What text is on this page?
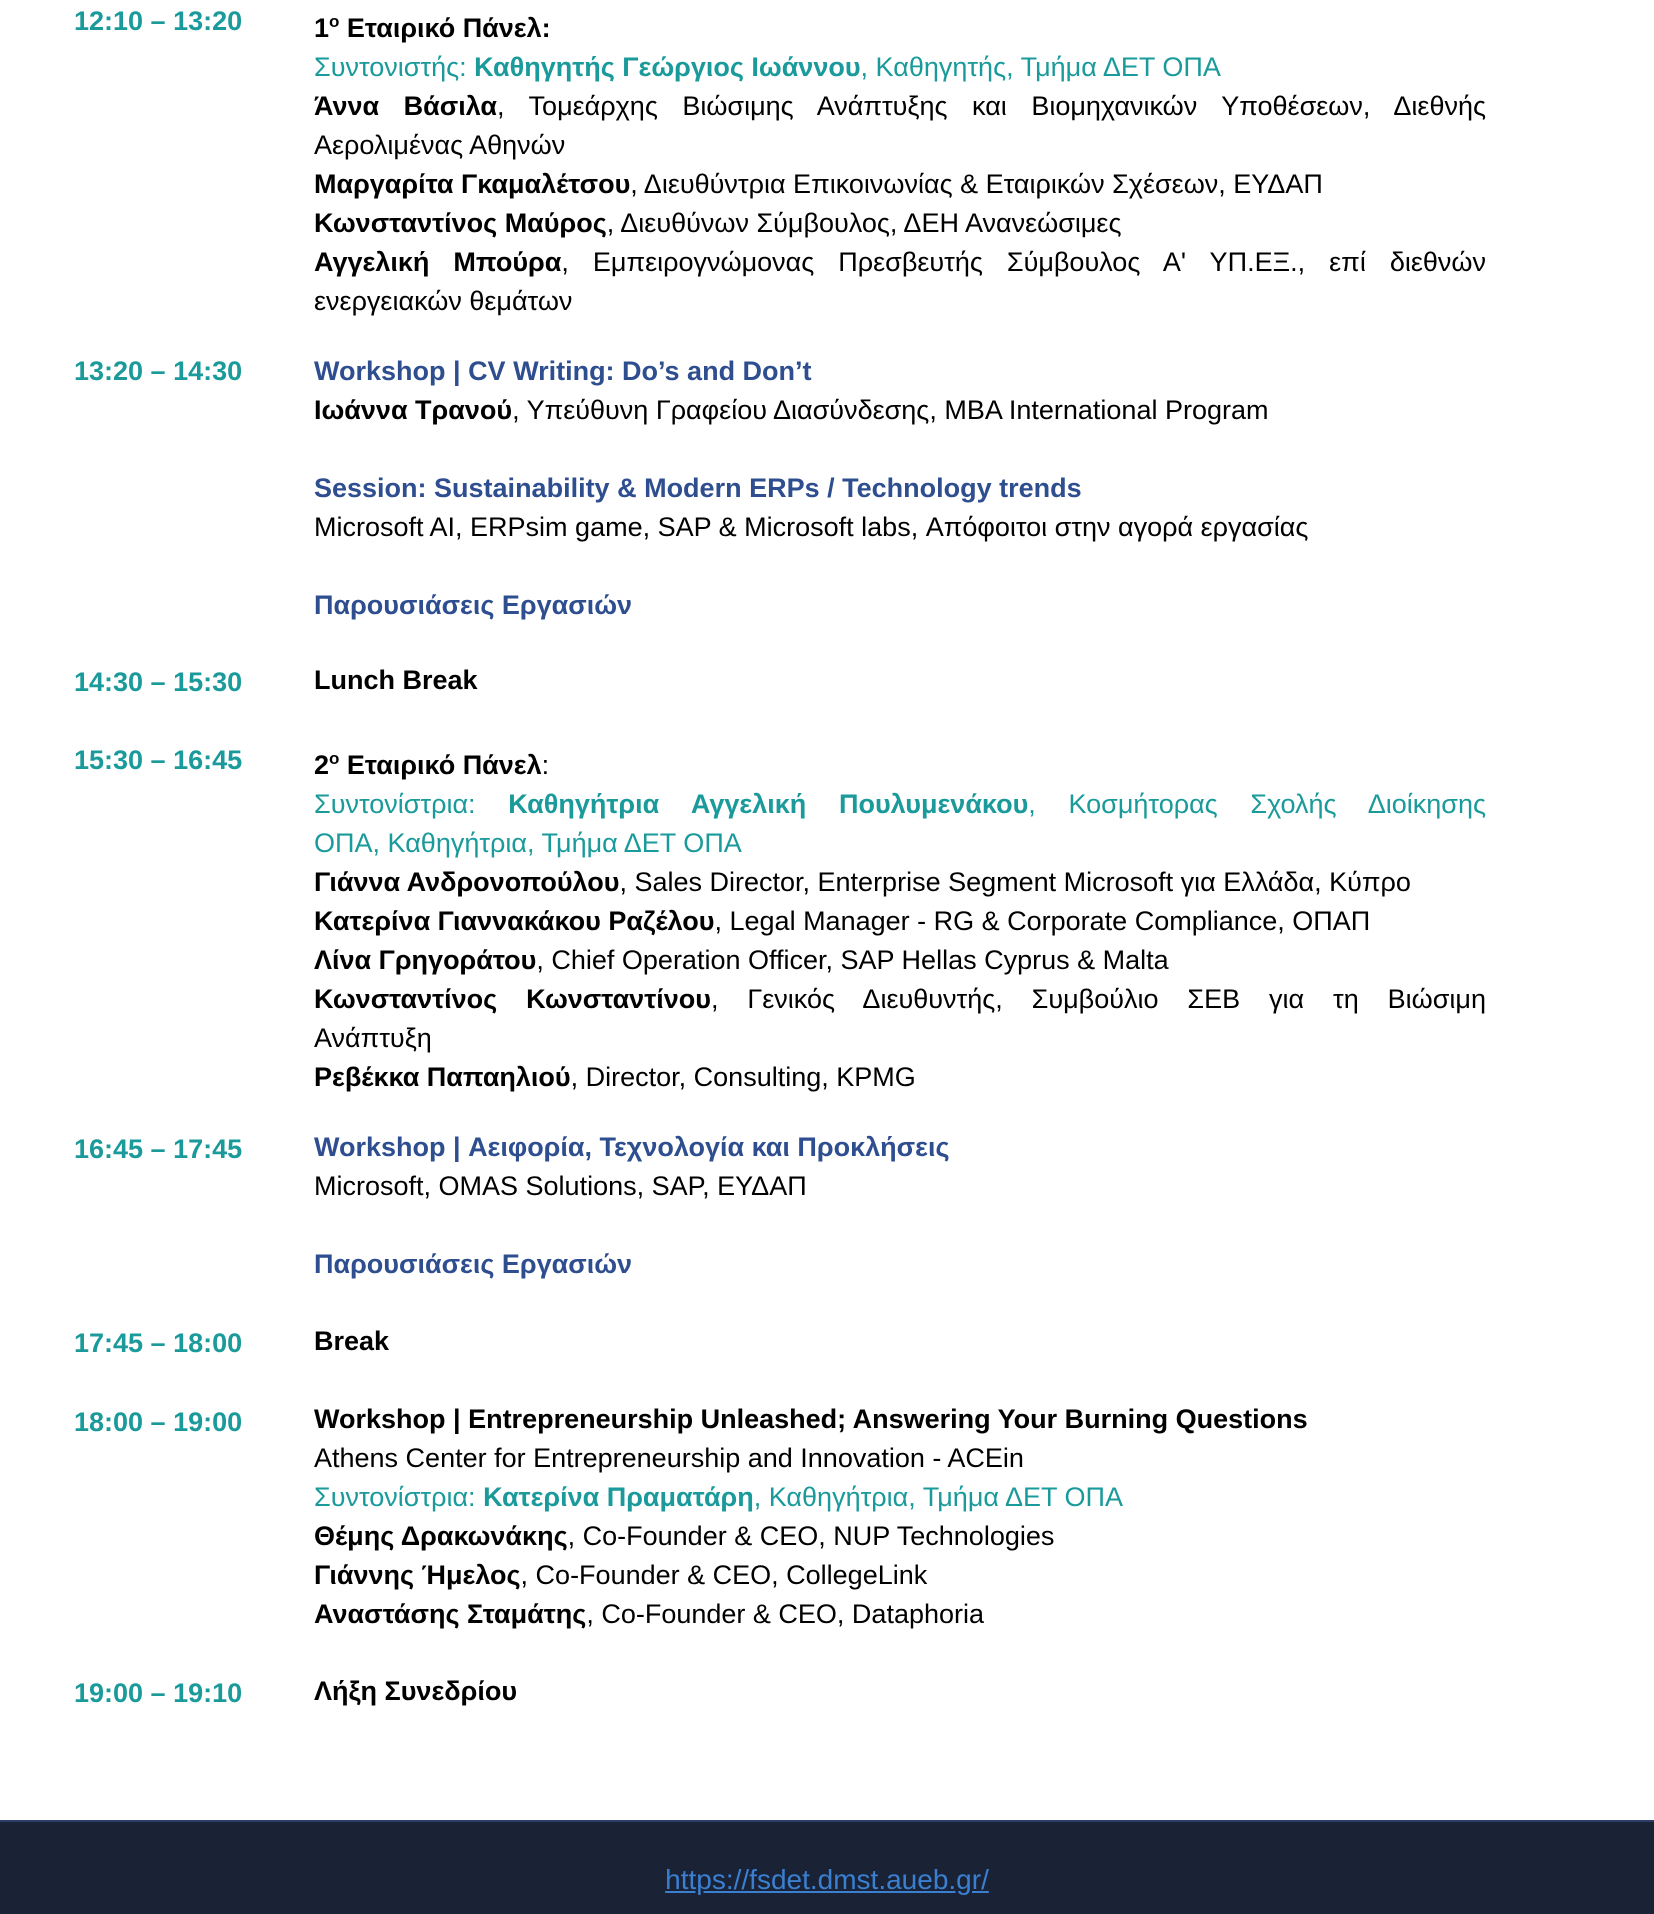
12:10 – 13:20	$1^o$ Εταιρικό Πάνελ:
Συντονιστής: Καθηγητής Γεώργιος Ιωάννου, Καθηγητής, Τμήμα ΔΕΤ ΟΠΑ
Άννα Βάσιλα, Τομεάρχης Βιώσιμης Ανάπτυξης και Βιομηχανικών Υποθέσεων, Διεθνής
Αερολιμένας Αθηνών
Μαργαρίτα Γκαμαλέτσου, Διευθύντρια Επικοινωνίας & Εταιρικών Σχέσεων, ΕΥΔΑΠ
Κωνσταντίνος Μαύρος, Διευθύνων Σύμβουλος, ΔΕΗ Ανανεώσιμες
Αγγελική Μπούρα, Εμπειρογνώμονας Πρεσβευτής Σύμβουλος Α' ΥΠ.ΕΞ., επί διεθνών
ενεργειακών θεμάτων
13:20 – 14:30	Workshop | CV Writing: Do’s and Don’t
Ιωάννα Τρανού, Υπεύθυνη Γραφείου Διασύνδεσης, MBA International Program
Session: Sustainability & Modern ERPs / Technology trends
Microsoft AI, ERPsim game, SAP & Microsoft labs, Απόφοιτοι στην αγορά εργασίας
Παρουσιάσεις Εργασιών
14:30 – 15:30	Lunch Break
15:30 – 16:45	$2^o$ Εταιρικό Πάνελ:
Συντονίστρια: Καθηγήτρια Αγγελική Πουλυμενάκου, Κοσμήτορας Σχολής Διοίκησης
ΟΠΑ, Καθηγήτρια, Τμήμα ΔΕΤ ΟΠΑ
Γιάννα Ανδρονοπούλου, Sales Director, Enterprise Segment Microsoft για Ελλάδα, Κύπρο
Κατερίνα Γιαννακάκου Ραζέλου, Legal Manager - RG & Corporate Compliance, ΟΠΑΠ
Λίνα Γρηγοράτου, Chief Operation Officer, SAP Hellas Cyprus & Malta
Κωνσταντίνος Κωνσταντίνου, Γενικός Διευθυντής, Συμβούλιο ΣΕΒ για τη Βιώσιμη
Ανάπτυξη
Ρεβέκκα Παπαηλιού, Director, Consulting, KPMG
16:45 – 17:45	Workshop | Αειφορία, Τεχνολογία και Προκλήσεις
Microsoft, OMAS Solutions, SAP, ΕΥΔΑΠ
Παρουσιάσεις Εργασιών
17:45 – 18:00	Break
18:00 – 19:00	Workshop | Entrepreneurship Unleashed; Answering Your Burning Questions
Athens Center for Entrepreneurship and Innovation - ACEin
Συντονίστρια: Κατερίνα Πραματάρη, Καθηγήτρια, Τμήμα ΔΕΤ ΟΠΑ
Θέμης Δρακωνάκης, Co-Founder & CEO, NUP Technologies
Γιάννης Ήμελος, Co-Founder & CEO, CollegeLink
Αναστάσης Σταμάτης, Co-Founder & CEO, Dataphoria
19:00 – 19:10	Λήξη Συνεδρίου
https://fsdet.dmst.aueb.gr/
